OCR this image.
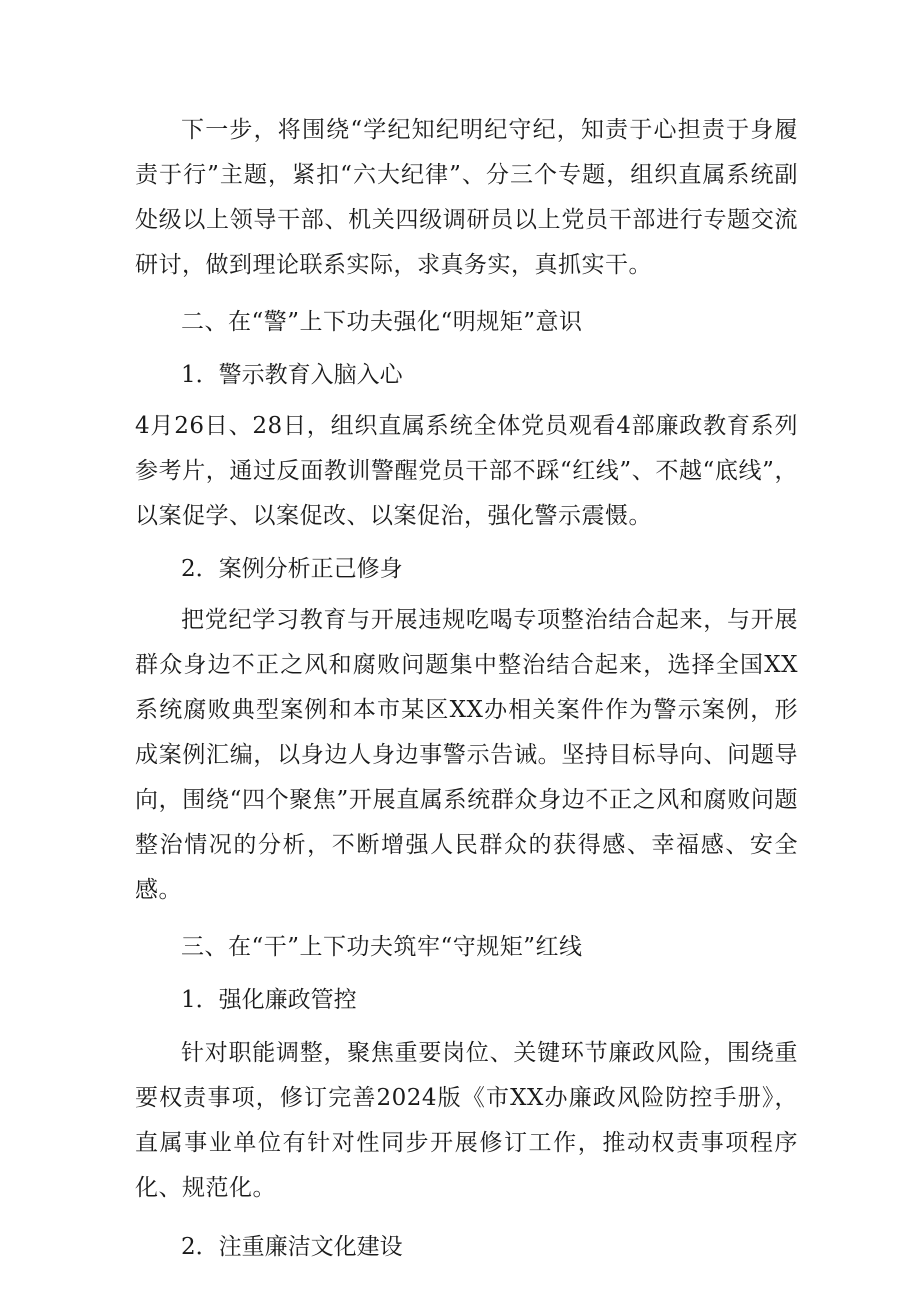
下一步，将围绕“学纪知纪明纪守纪，知责于心担责于身履责于行”主题，紧扣“六大纪律”、分三个专题，组织直属系统副处级以上领导干部、机关四级调研员以上党员干部进行专题交流研讨，做到理论联系实际，求真务实，真抓实干。

二、在“警”上下功夫强化“明规矩”意识

1．警示教育入脑入心

4月26日、28日，组织直属系统全体党员观看4部廉政教育系列参考片，通过反面教训警醒党员干部不踩“红线”、不越“底线”，以案促学、以案促改、以案促治，强化警示震慑。

2．案例分析正己修身

把党纪学习教育与开展违规吃喝专项整治结合起来，与开展群众身边不正之风和腐败问题集中整治结合起来，选择全国XX系统腐败典型案例和本市某区XX办相关案件作为警示案例，形成案例汇编，以身边人身边事警示告诫。坚持目标导向、问题导向，围绕“四个聚焦”开展直属系统群众身边不正之风和腐败问题整治情况的分析，不断增强人民群众的获得感、幸福感、安全感。

三、在“干”上下功夫筑牢“守规矩”红线

1．强化廉政管控

针对职能调整，聚焦重要岗位、关键环节廉政风险，围绕重要权责事项，修订完善2024版《市XX办廉政风险防控手册》，直属事业单位有针对性同步开展修订工作，推动权责事项程序化、规范化。

2．注重廉洁文化建设
